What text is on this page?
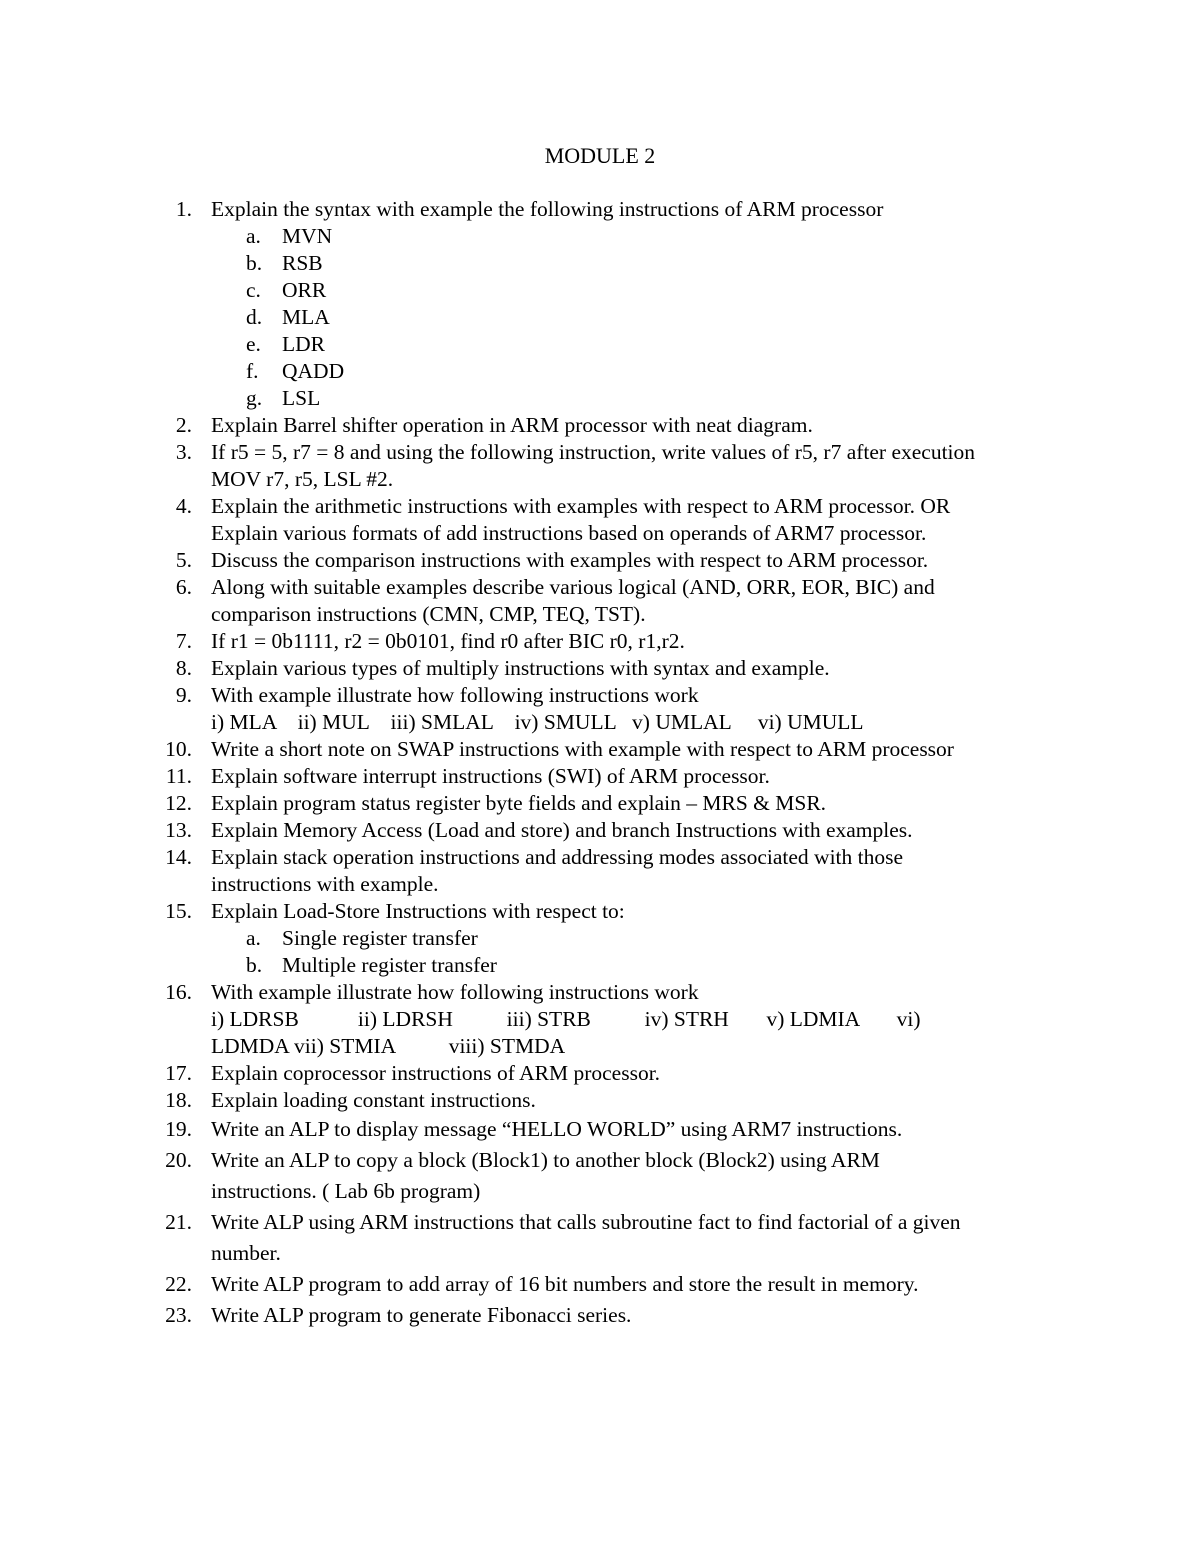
MODULE 2
1. Explain the syntax with example the following instructions of ARM processor
a. MVN
b. RSB
c. ORR
d. MLA
e. LDR
f. QADD
g. LSL
2. Explain Barrel shifter operation in ARM processor with neat diagram.
3. If r5 = 5, r7 = 8 and using the following instruction, write values of r5, r7 after execution
MOV r7, r5, LSL #2.
4. Explain the arithmetic instructions with examples with respect to ARM processor. OR
Explain various formats of add instructions based on operands of ARM7 processor.
5. Discuss the comparison instructions with examples with respect to ARM processor.
6. Along with suitable examples describe various logical (AND, ORR, EOR, BIC) and
comparison instructions (CMN, CMP, TEQ, TST).
7. If r1 = 0b1111, r2 = 0b0101, find r0 after BIC r0, r1,r2.
8. Explain various types of multiply instructions with syntax and example.
9. With example illustrate how following instructions work
i) MLA    ii) MUL    iii) SMLAL    iv) SMULL   v) UMLAL     vi) UMULL
10. Write a short note on SWAP instructions with example with respect to ARM processor
11. Explain software interrupt instructions (SWI) of ARM processor.
12. Explain program status register byte fields and explain – MRS & MSR.
13. Explain Memory Access (Load and store) and branch Instructions with examples.
14. Explain stack operation instructions and addressing modes associated with those
instructions with example.
15. Explain Load-Store Instructions with respect to:
a. Single register transfer
b. Multiple register transfer
16. With example illustrate how following instructions work
i) LDRSB           ii) LDRSH          iii) STRB          iv) STRH       v) LDMIA       vi)
LDMDA vii) STMIA          viii) STMDA
17. Explain coprocessor instructions of ARM processor.
18. Explain loading constant instructions.
19. Write an ALP to display message “HELLO WORLD” using ARM7 instructions.
20. Write an ALP to copy a block (Block1) to another block (Block2) using ARM
instructions. ( Lab 6b program)
21. Write ALP using ARM instructions that calls subroutine fact to find factorial of a given
number.
22. Write ALP program to add array of 16 bit numbers and store the result in memory.
23. Write ALP program to generate Fibonacci series.
